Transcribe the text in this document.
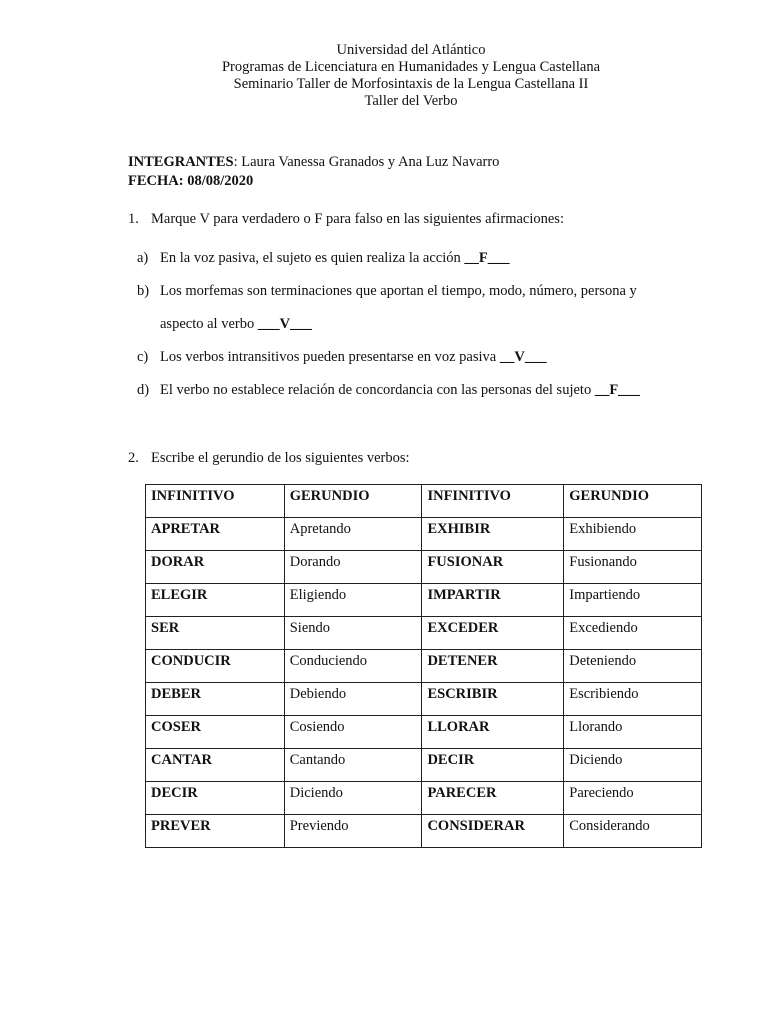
Universidad del Atlántico
Programas de Licenciatura en Humanidades y Lengua Castellana
Seminario Taller de Morfosintaxis de la Lengua Castellana II
Taller del Verbo
INTEGRANTES: Laura Vanessa Granados y Ana Luz Navarro
FECHA: 08/08/2020
1. Marque V para verdadero o F para falso en las siguientes afirmaciones:
a) En la voz pasiva, el sujeto es quien realiza la acción __F___
b) Los morfemas son terminaciones que aportan el tiempo, modo, número, persona y
aspecto al verbo ___V___
c) Los verbos intransitivos pueden presentarse en voz pasiva __V___
d) El verbo no establece relación de concordancia con las personas del sujeto __F___
2. Escribe el gerundio de los siguientes verbos:
INFINITIVO	GERUNDIO	INFINITIVO	GERUNDIO
APRETAR	Apretando	EXHIBIR	Exhibiendo
DORAR	Dorando	FUSIONAR	Fusionando
ELEGIR	Eligiendo	IMPARTIR	Impartiendo
SER	Siendo	EXCEDER	Excediendo
CONDUCIR	Conduciendo	DETENER	Deteniendo
DEBER	Debiendo	ESCRIBIR	Escribiendo
COSER	Cosiendo	LLORAR	Llorando
CANTAR	Cantando	DECIR	Diciendo
DECIR	Diciendo	PARECER	Pareciendo
PREVER	Previendo	CONSIDERAR	Considerando
